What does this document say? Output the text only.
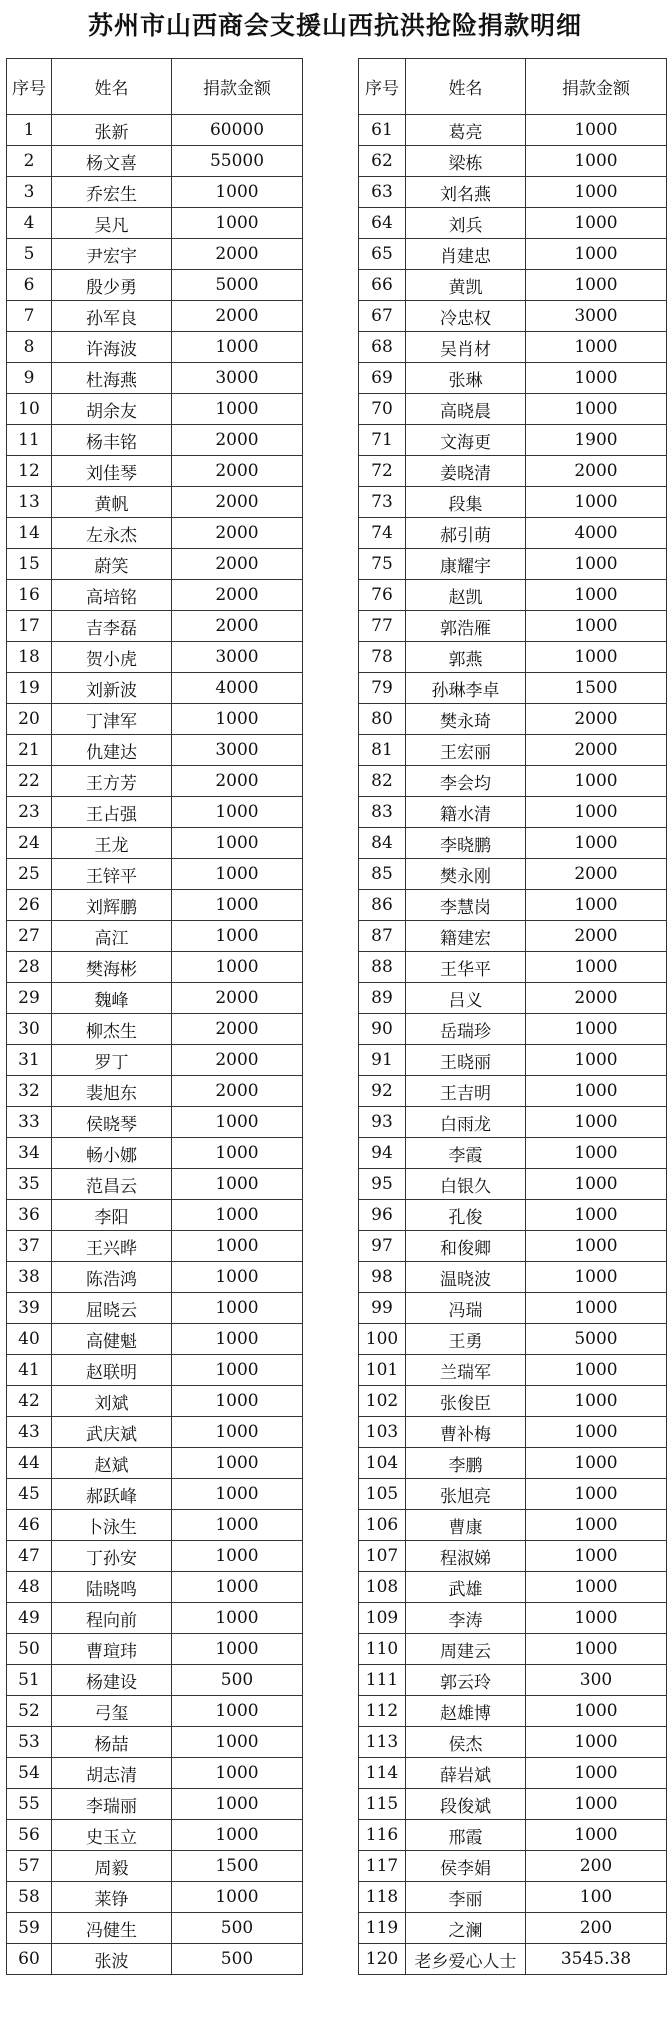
苏州市山西商会支援山西抗洪抢险捐款明细
序号	姓名	捐款金额
1	张新	60000
2	杨文喜	55000
3	乔宏生	1000
4	吴凡	1000
5	尹宏宇	2000
6	殷少勇	5000
7	孙军良	2000
8	许海波	1000
9	杜海燕	3000
10	胡余友	1000
11	杨丰铭	2000
12	刘佳琴	2000
13	黄帆	2000
14	左永杰	2000
15	蔚笑	2000
16	高培铭	2000
17	吉李磊	2000
18	贺小虎	3000
19	刘新波	4000
20	丁津军	1000
21	仇建达	3000
22	王方芳	2000
23	王占强	1000
24	王龙	1000
25	王锌平	1000
26	刘辉鹏	1000
27	高江	1000
28	樊海彬	1000
29	魏峰	2000
30	柳杰生	2000
31	罗丁	2000
32	裴旭东	2000
33	侯晓琴	1000
34	畅小娜	1000
35	范昌云	1000
36	李阳	1000
37	王兴晔	1000
38	陈浩鸿	1000
39	屈晓云	1000
40	高健魁	1000
41	赵联明	1000
42	刘斌	1000
43	武庆斌	1000
44	赵斌	1000
45	郝跃峰	1000
46	卜泳生	1000
47	丁孙安	1000
48	陆晓鸣	1000
49	程向前	1000
50	曹瑄玮	1000
51	杨建设	500
52	弓玺	1000
53	杨喆	1000
54	胡志清	1000
55	李瑞丽	1000
56	史玉立	1000
57	周毅	1500
58	莱铮	1000
59	冯健生	500
60	张波	500
序号	姓名	捐款金额
61	葛亮	1000
62	梁栋	1000
63	刘名燕	1000
64	刘兵	1000
65	肖建忠	1000
66	黄凯	1000
67	冷忠权	3000
68	吴肖材	1000
69	张琳	1000
70	高晓晨	1000
71	文海更	1900
72	姜晓清	2000
73	段集	1000
74	郝引萌	4000
75	康耀宇	1000
76	赵凯	1000
77	郭浩雁	1000
78	郭燕	1000
79	孙琳李卓	1500
80	樊永琦	2000
81	王宏丽	2000
82	李会均	1000
83	籍水清	1000
84	李晓鹏	1000
85	樊永刚	2000
86	李慧岗	1000
87	籍建宏	2000
88	王华平	1000
89	吕义	2000
90	岳瑞珍	1000
91	王晓丽	1000
92	王吉明	1000
93	白雨龙	1000
94	李霞	1000
95	白银久	1000
96	孔俊	1000
97	和俊卿	1000
98	温晓波	1000
99	冯瑞	1000
100	王勇	5000
101	兰瑞军	1000
102	张俊臣	1000
103	曹补梅	1000
104	李鹏	1000
105	张旭亮	1000
106	曹康	1000
107	程淑娣	1000
108	武雄	1000
109	李涛	1000
110	周建云	1000
111	郭云玲	300
112	赵雄博	1000
113	侯杰	1000
114	薛岩斌	1000
115	段俊斌	1000
116	邢霞	1000
117	侯李娟	200
118	李丽	100
119	之澜	200
120	老乡爱心人士	3545.38
